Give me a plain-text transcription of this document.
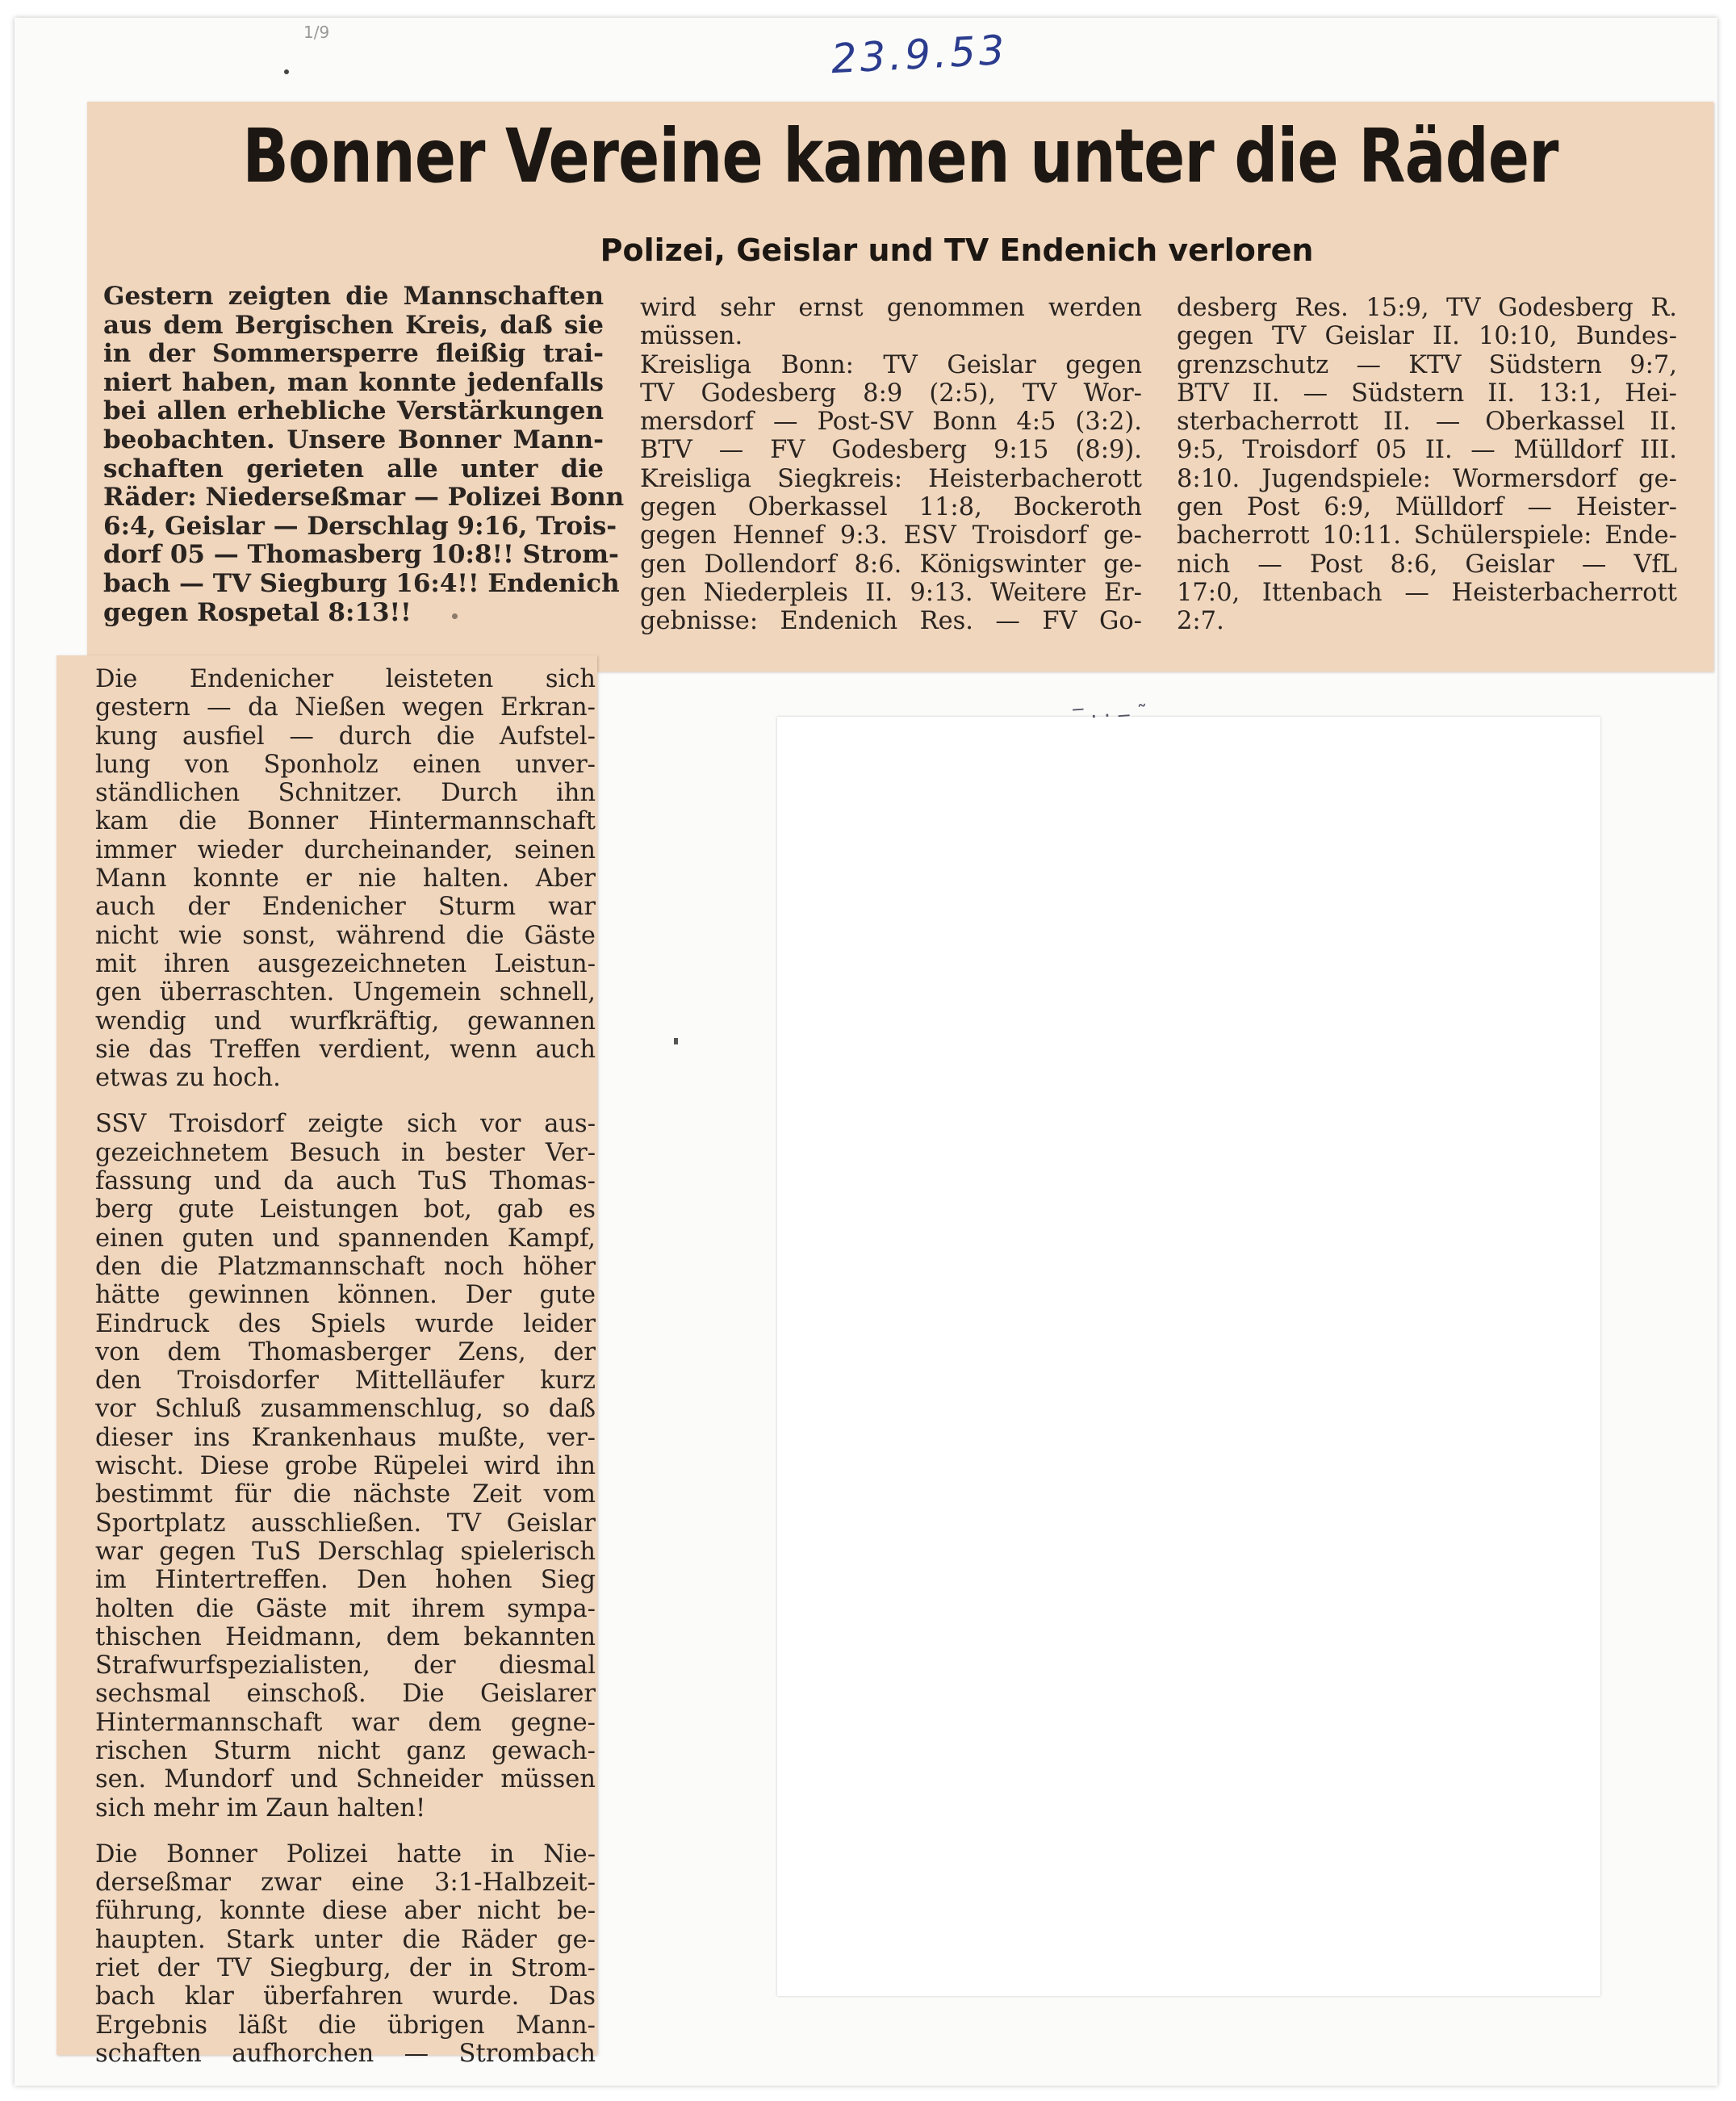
1/9	23.9.53
Bonner Vereine kamen unter die Räder
Polizei, Geislar und TV Endenich verloren
Gestern zeigten die Mannschaften
aus dem Bergischen Kreis, daß sie
in der Sommersperre fleißig trai-
niert haben, man konnte jedenfalls
bei allen erhebliche Verstärkungen
beobachten. Unsere Bonner Mann-
schaften gerieten alle unter die
Räder: Niederseßmar — Polizei Bonn
6:4, Geislar — Derschlag 9:16, Trois-
dorf 05 — Thomasberg 10:8!! Strom-
bach — TV Siegburg 16:4!! Endenich
gegen Rospetal 8:13!!
wird sehr ernst genommen werden
müssen.
Kreisliga Bonn: TV Geislar gegen
TV Godesberg 8:9 (2:5), TV Wor-
mersdorf — Post-SV Bonn 4:5 (3:2).
BTV — FV Godesberg 9:15 (8:9).
Kreisliga Siegkreis: Heisterbacherott
gegen Oberkassel 11:8, Bockeroth
gegen Hennef 9:3. ESV Troisdorf ge-
gen Dollendorf 8:6. Königswinter ge-
gen Niederpleis II. 9:13. Weitere Er-
gebnisse: Endenich Res. — FV Go-
desberg Res. 15:9, TV Godesberg R.
gegen TV Geislar II. 10:10, Bundes-
grenzschutz — KTV Südstern 9:7,
BTV II. — Südstern II. 13:1, Hei-
sterbacherrott II. — Oberkassel II.
9:5, Troisdorf 05 II. — Mülldorf III.
8:10. Jugendspiele: Wormersdorf ge-
gen Post 6:9, Mülldorf — Heister-
bacherrott 10:11. Schülerspiele: Ende-
nich — Post 8:6, Geislar — VfL
17:0, Ittenbach — Heisterbacherrott
2:7.
Die Endenicher leisteten sich
gestern — da Nießen wegen Erkran-
kung ausfiel — durch die Aufstel-
lung von Sponholz einen unver-
ständlichen Schnitzer. Durch ihn
kam die Bonner Hintermannschaft
immer wieder durcheinander, seinen
Mann konnte er nie halten. Aber
auch der Endenicher Sturm war
nicht wie sonst, während die Gäste
mit ihren ausgezeichneten Leistun-
gen überraschten. Ungemein schnell,
wendig und wurfkräftig, gewannen
sie das Treffen verdient, wenn auch
etwas zu hoch.
SSV Troisdorf zeigte sich vor aus-
gezeichnetem Besuch in bester Ver-
fassung und da auch TuS Thomas-
berg gute Leistungen bot, gab es
einen guten und spannenden Kampf,
den die Platzmannschaft noch höher
hätte gewinnen können. Der gute
Eindruck des Spiels wurde leider
von dem Thomasberger Zens, der
den Troisdorfer Mittelläufer kurz
vor Schluß zusammenschlug, so daß
dieser ins Krankenhaus mußte, ver-
wischt. Diese grobe Rüpelei wird ihn
bestimmt für die nächste Zeit vom
Sportplatz ausschließen. TV Geislar
war gegen TuS Derschlag spielerisch
im Hintertreffen. Den hohen Sieg
holten die Gäste mit ihrem sympa-
thischen Heidmann, dem bekannten
Strafwurfspezialisten, der diesmal
sechsmal einschoß. Die Geislarer
Hintermannschaft war dem gegne-
rischen Sturm nicht ganz gewach-
sen. Mundorf und Schneider müssen
sich mehr im Zaun halten!
Die Bonner Polizei hatte in Nie-
derseßmar zwar eine 3:1-Halbzeit-
führung, konnte diese aber nicht be-
haupten. Stark unter die Räder ge-
riet der TV Siegburg, der in Strom-
bach klar überfahren wurde. Das
Ergebnis läßt die übrigen Mann-
schaften aufhorchen — Strombach
‾ · · ‒ ˜
